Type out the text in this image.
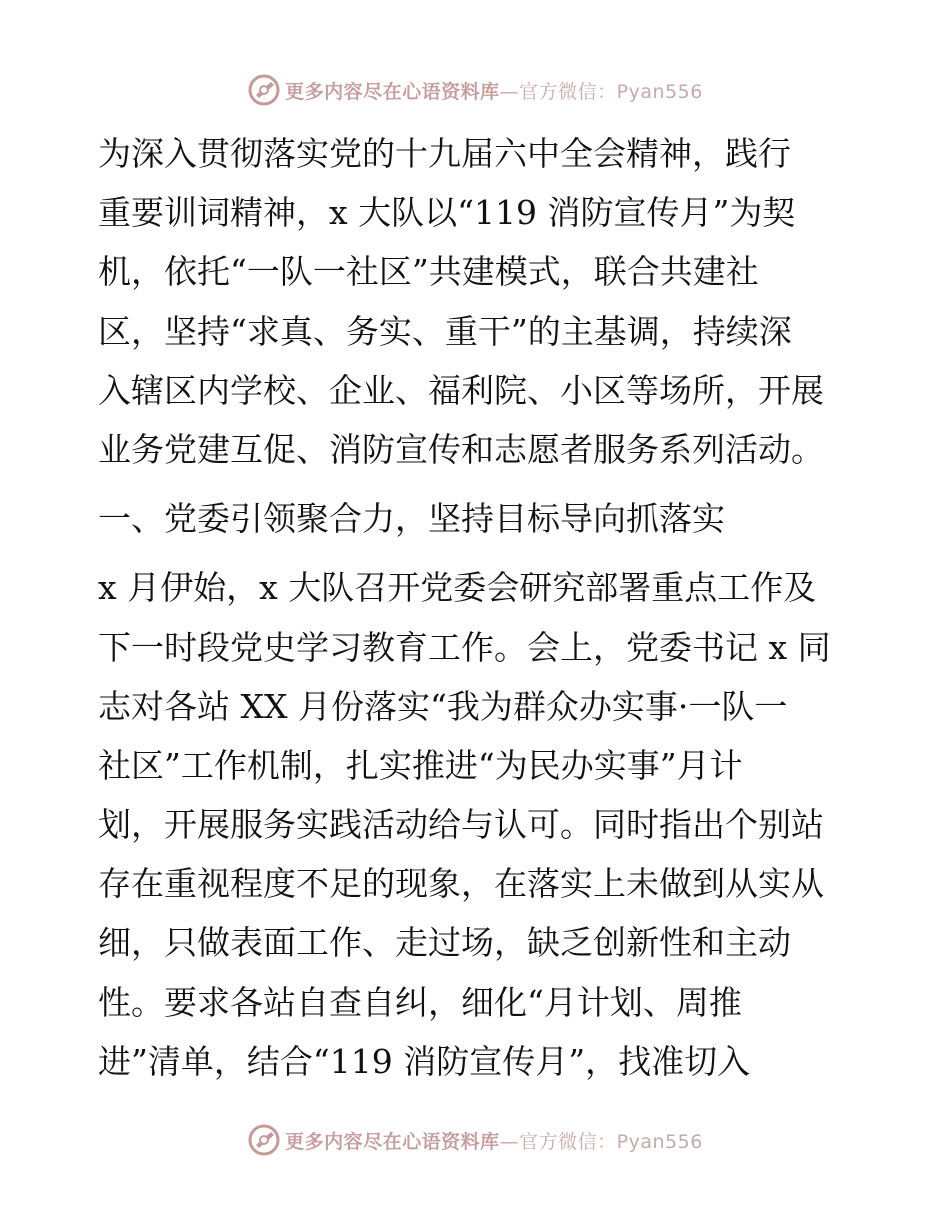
更多内容尽在心语资料库—官方微信：Pyan556

为深入贯彻落实党的十九届六中全会精神，践行
重要训词精神，x 大队以“119 消防宣传月”为契
机，依托“一队一社区”共建模式，联合共建社
区，坚持“求真、务实、重干”的主基调，持续深
入辖区内学校、企业、福利院、小区等场所，开展
业务党建互促、消防宣传和志愿者服务系列活动。

一、党委引领聚合力，坚持目标导向抓落实

x 月伊始，x 大队召开党委会研究部署重点工作及
下一时段党史学习教育工作。会上，党委书记 x 同
志对各站 XX 月份落实“我为群众办实事·一队一
社区”工作机制，扎实推进“为民办实事”月计
划，开展服务实践活动给与认可。同时指出个别站
存在重视程度不足的现象，在落实上未做到从实从
细，只做表面工作、走过场，缺乏创新性和主动
性。要求各站自查自纠，细化“月计划、周推
进”清单，结合“119 消防宣传月”，找准切入

更多内容尽在心语资料库—官方微信：Pyan556
